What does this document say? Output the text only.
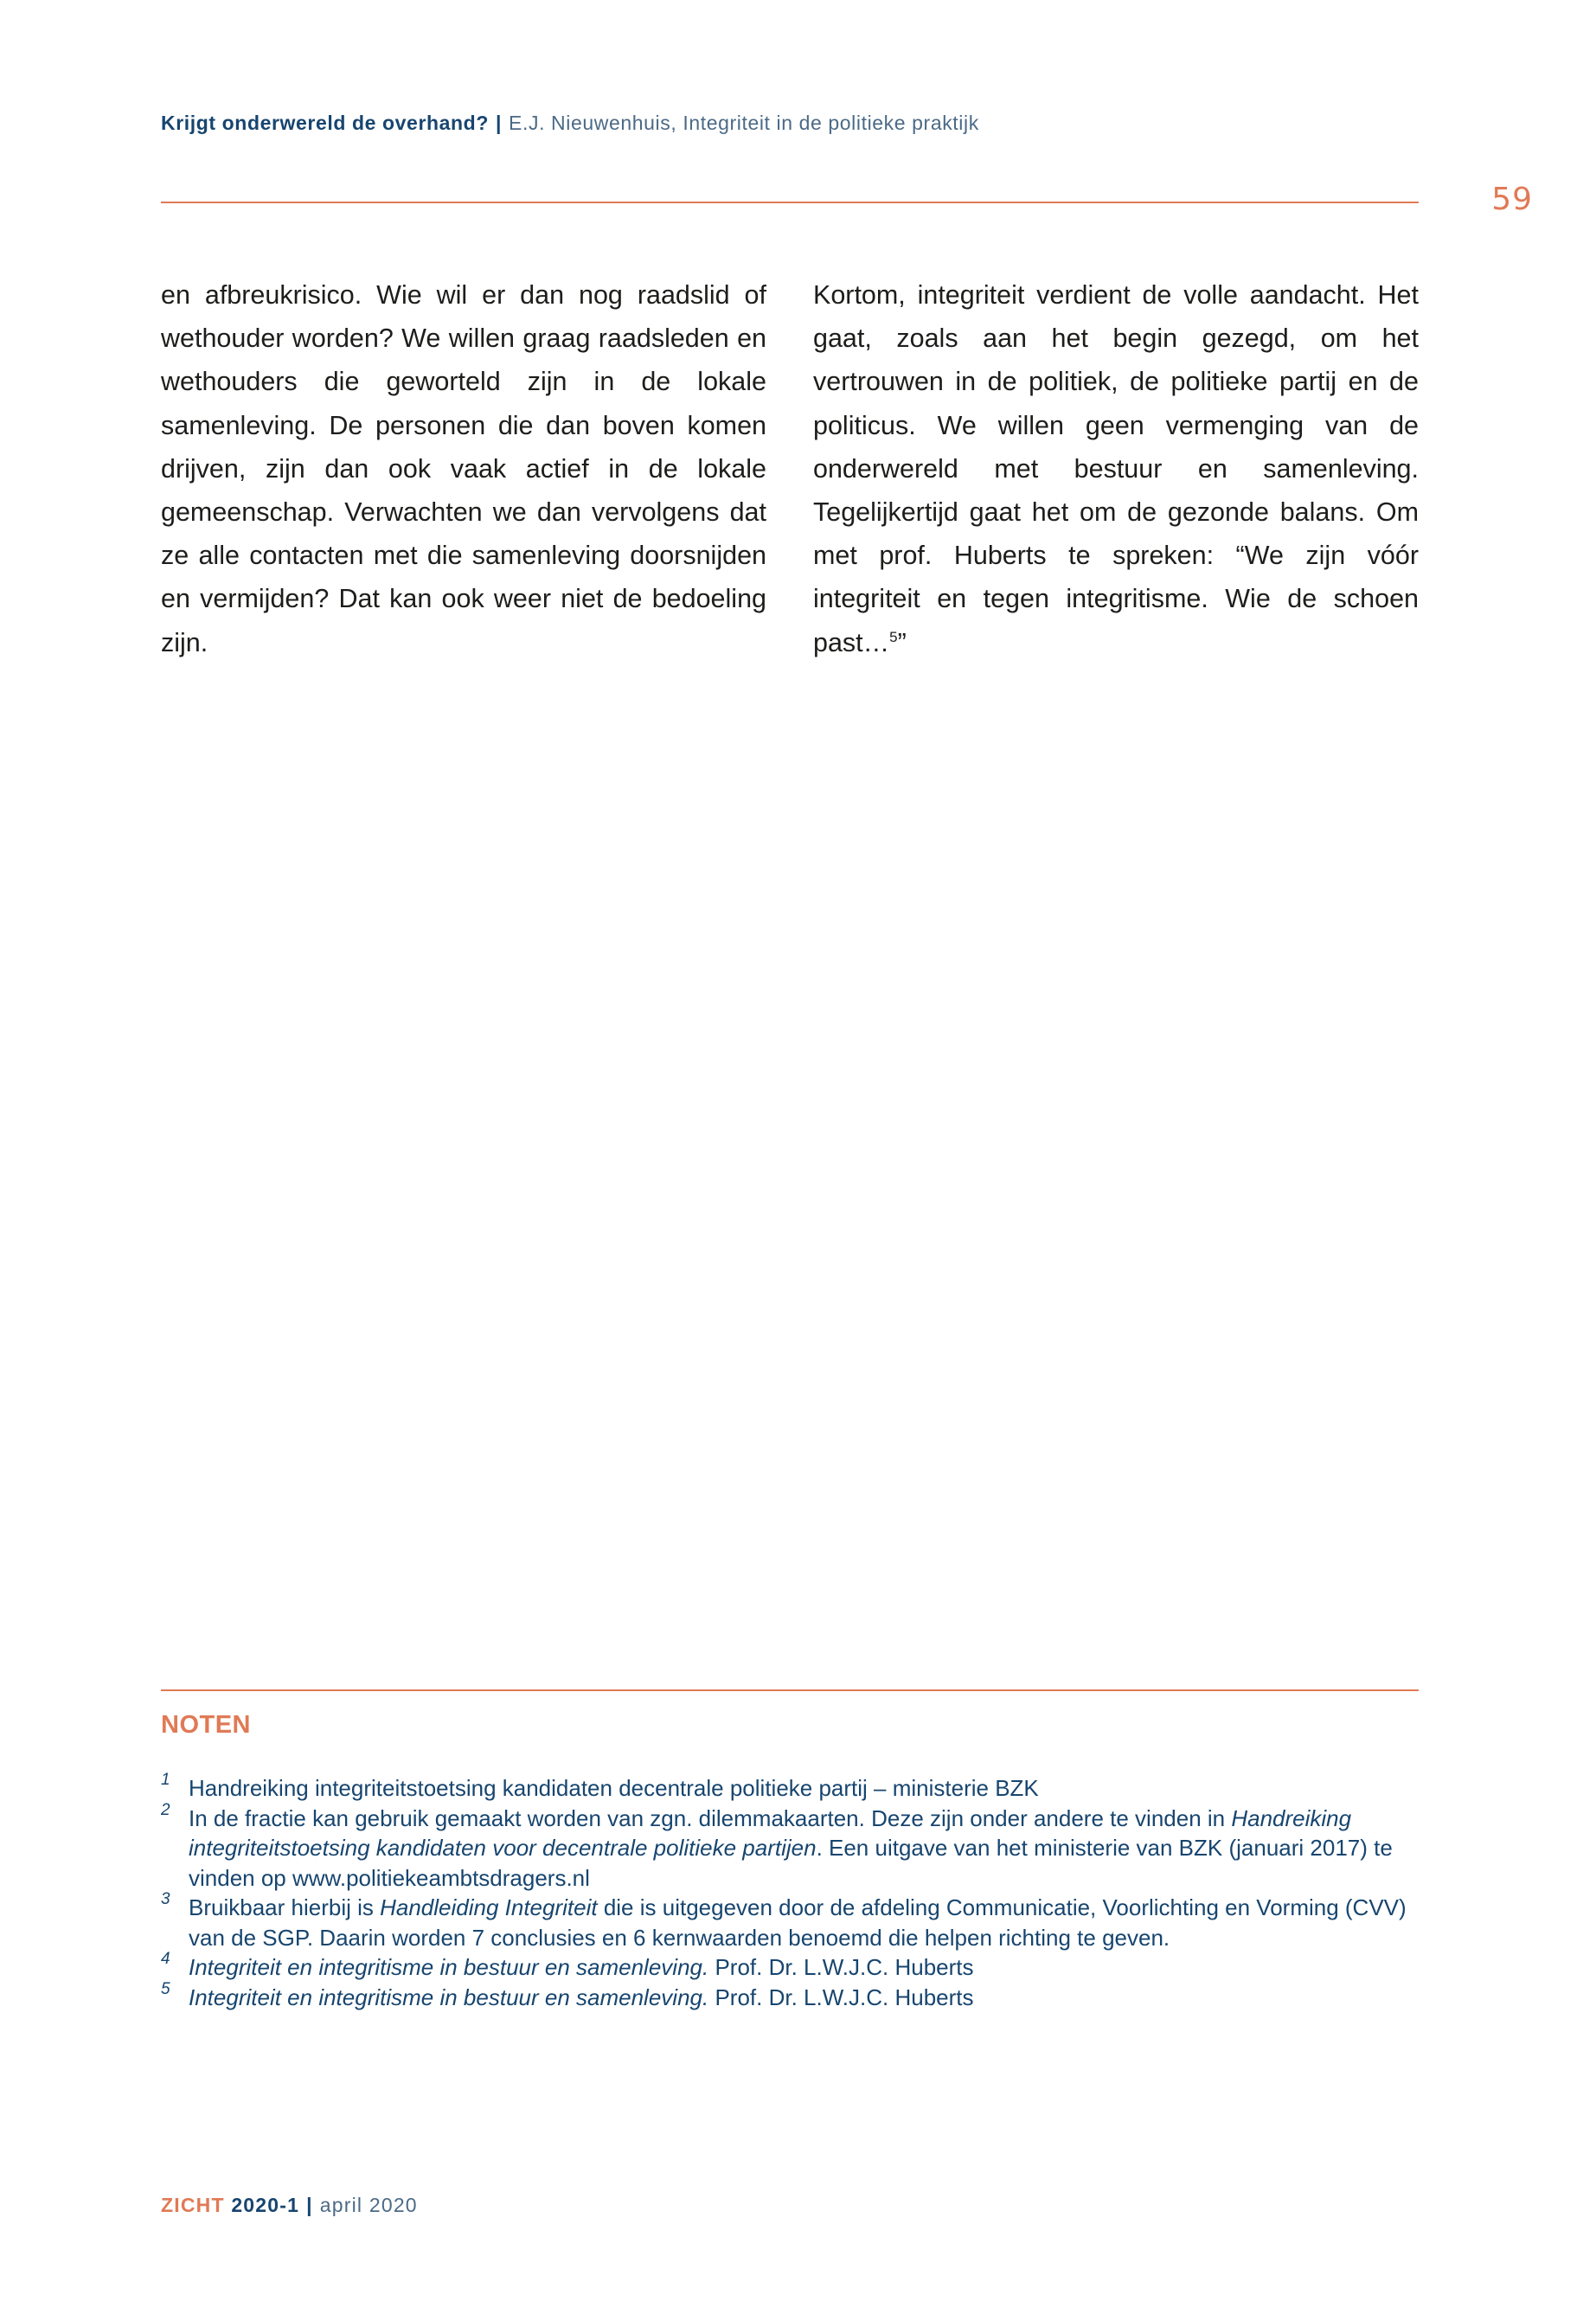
Krijgt onderwereld de overhand? | E.J. Nieuwenhuis, Integriteit in de politieke praktijk
59
en afbreukrisico. Wie wil er dan nog raadslid of wethouder worden? We willen graag raadsleden en wethouders die geworteld zijn in de lokale samenleving. De personen die dan boven komen drijven, zijn dan ook vaak actief in de lokale gemeenschap. Verwachten we dan vervolgens dat ze alle contacten met die samenleving doorsnijden en vermijden? Dat kan ook weer niet de bedoeling zijn.
Kortom, integriteit verdient de volle aandacht. Het gaat, zoals aan het begin gezegd, om het vertrouwen in de politiek, de politieke partij en de politicus. We willen geen vermenging van de onderwereld met bestuur en samenleving. Tegelijkertijd gaat het om de gezonde balans. Om met prof. Huberts te spreken: “We zijn vóór integriteit en tegen integritisme. Wie de schoen past…$^5$”
NOTEN
1 Handreiking integriteitstoetsing kandidaten decentrale politieke partij – ministerie BZK
2 In de fractie kan gebruik gemaakt worden van zgn. dilemmakaarten. Deze zijn onder andere te vinden in Handreiking integriteitstoetsing kandidaten voor decentrale politieke partijen. Een uitgave van het ministerie van BZK (januari 2017) te vinden op www.politiekeambtsdragers.nl
3 Bruikbaar hierbij is Handleiding Integriteit die is uitgegeven door de afdeling Communicatie, Voorlichting en Vorming (CVV) van de SGP. Daarin worden 7 conclusies en 6 kernwaarden benoemd die helpen richting te geven.
4 Integriteit en integritisme in bestuur en samenleving. Prof. Dr. L.W.J.C. Huberts
5 Integriteit en integritisme in bestuur en samenleving. Prof. Dr. L.W.J.C. Huberts
ZICHT 2020-1 | april 2020
